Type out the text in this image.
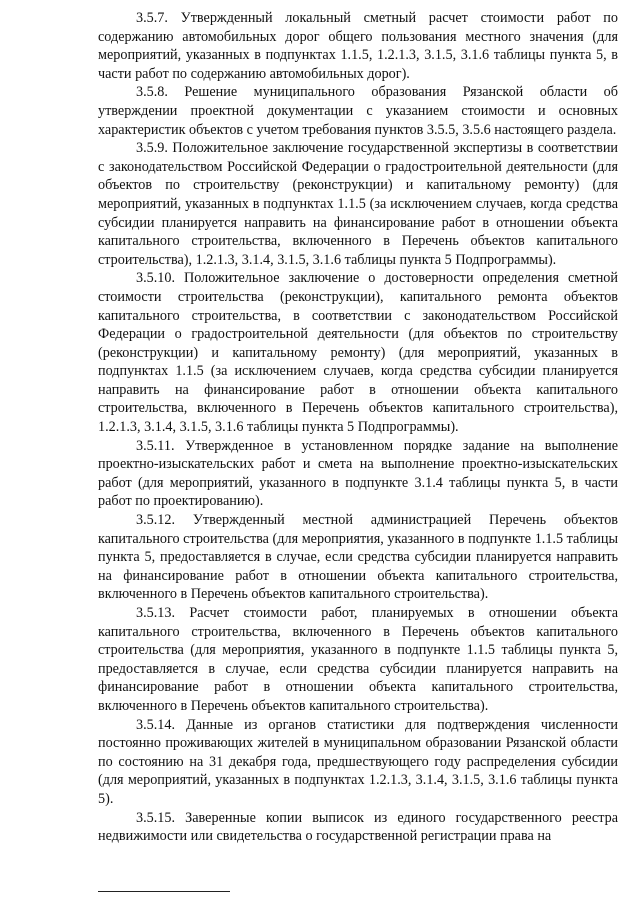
3.5.7. Утвержденный локальный сметный расчет стоимости работ по содержанию автомобильных дорог общего пользования местного значения (для мероприятий, указанных в подпунктах 1.1.5, 1.2.1.3, 3.1.5, 3.1.6 таблицы пункта 5, в части работ по содержанию автомобильных дорог).

3.5.8. Решение муниципального образования Рязанской области об утверждении проектной документации с указанием стоимости и основных характеристик объектов с учетом требования пунктов 3.5.5, 3.5.6 настоящего раздела.

3.5.9. Положительное заключение государственной экспертизы в соответствии с законодательством Российской Федерации о градостроительной деятельности (для объектов по строительству (реконструкции) и капитальному ремонту) (для мероприятий, указанных в подпунктах 1.1.5 (за исключением случаев, когда средства субсидии планируется направить на финансирование работ в отношении объекта капитального строительства, включенного в Перечень объектов капитального строительства), 1.2.1.3, 3.1.4, 3.1.5, 3.1.6 таблицы пункта 5 Подпрограммы).

3.5.10. Положительное заключение о достоверности определения сметной стоимости строительства (реконструкции), капитального ремонта объектов капитального строительства, в соответствии с законодательством Российской Федерации о градостроительной деятельности (для объектов по строительству (реконструкции) и капитальному ремонту) (для мероприятий, указанных в подпунктах 1.1.5 (за исключением случаев, когда средства субсидии планируется направить на финансирование работ в отношении объекта капитального строительства, включенного в Перечень объектов капитального строительства), 1.2.1.3, 3.1.4, 3.1.5, 3.1.6 таблицы пункта 5 Подпрограммы).

3.5.11. Утвержденное в установленном порядке задание на выполнение проектно-изыскательских работ и смета на выполнение проектно-изыскательских работ (для мероприятий, указанного в подпункте 3.1.4 таблицы пункта 5, в части работ по проектированию).

3.5.12. Утвержденный местной администрацией Перечень объектов капитального строительства (для мероприятия, указанного в подпункте 1.1.5 таблицы пункта 5, предоставляется в случае, если средства субсидии планируется направить на финансирование работ в отношении объекта капитального строительства, включенного в Перечень объектов капитального строительства).

3.5.13. Расчет стоимости работ, планируемых в отношении объекта капитального строительства, включенного в Перечень объектов капитального строительства (для мероприятия, указанного в подпункте 1.1.5 таблицы пункта 5, предоставляется в случае, если средства субсидии планируется направить на финансирование работ в отношении объекта капитального строительства, включенного в Перечень объектов капитального строительства).

3.5.14. Данные из органов статистики для подтверждения численности постоянно проживающих жителей в муниципальном образовании Рязанской области по состоянию на 31 декабря года, предшествующего году распределения субсидии (для мероприятий, указанных в подпунктах 1.2.1.3, 3.1.4, 3.1.5, 3.1.6 таблицы пункта 5).

3.5.15. Заверенные копии выписок из единого государственного реестра недвижимости или свидетельства о государственной регистрации права на
